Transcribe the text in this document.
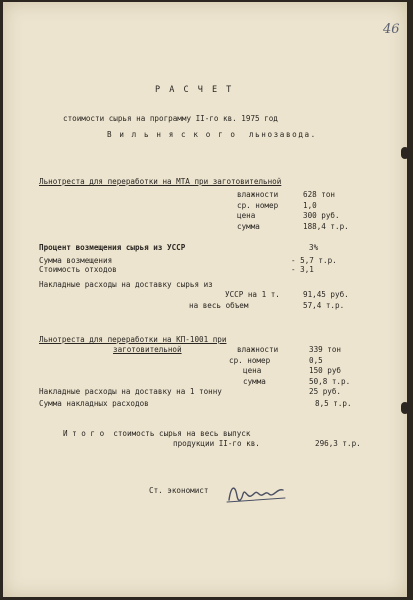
46
Р А С Ч Е Т
стоимости сырья на программу II-го кв. 1975 год
В и л ь н я с к о г о  льнозавода.
Льнотреста для переработки на МТА при заготовительной
влажности	628 тон
ср. номер	1,0
цена	300 руб.
сумма	188,4 т.р.
Процент возмещения сырья из УССР	3%
Сумма возмещения	- 5,7 т.р.
Стоимость отходов	- 3,1
Накладные расходы на доставку сырья из
УССР на 1 т.	91,45 руб.
на весь объем	57,4 т.р.
Льнотреста для переработки на КП-1001 при
заготовительной	влажности	339 тон
ср. номер	0,5
цена	150 руб
сумма	50,8 т.р.
Накладные расходы на доставку на 1 тонну	25 руб.
Сумма накладных расходов	8,5 т.р.
И т о г о  стоимость сырья на весь выпуск
продукции II-го кв.	296,3 т.р.
Ст. экономист
